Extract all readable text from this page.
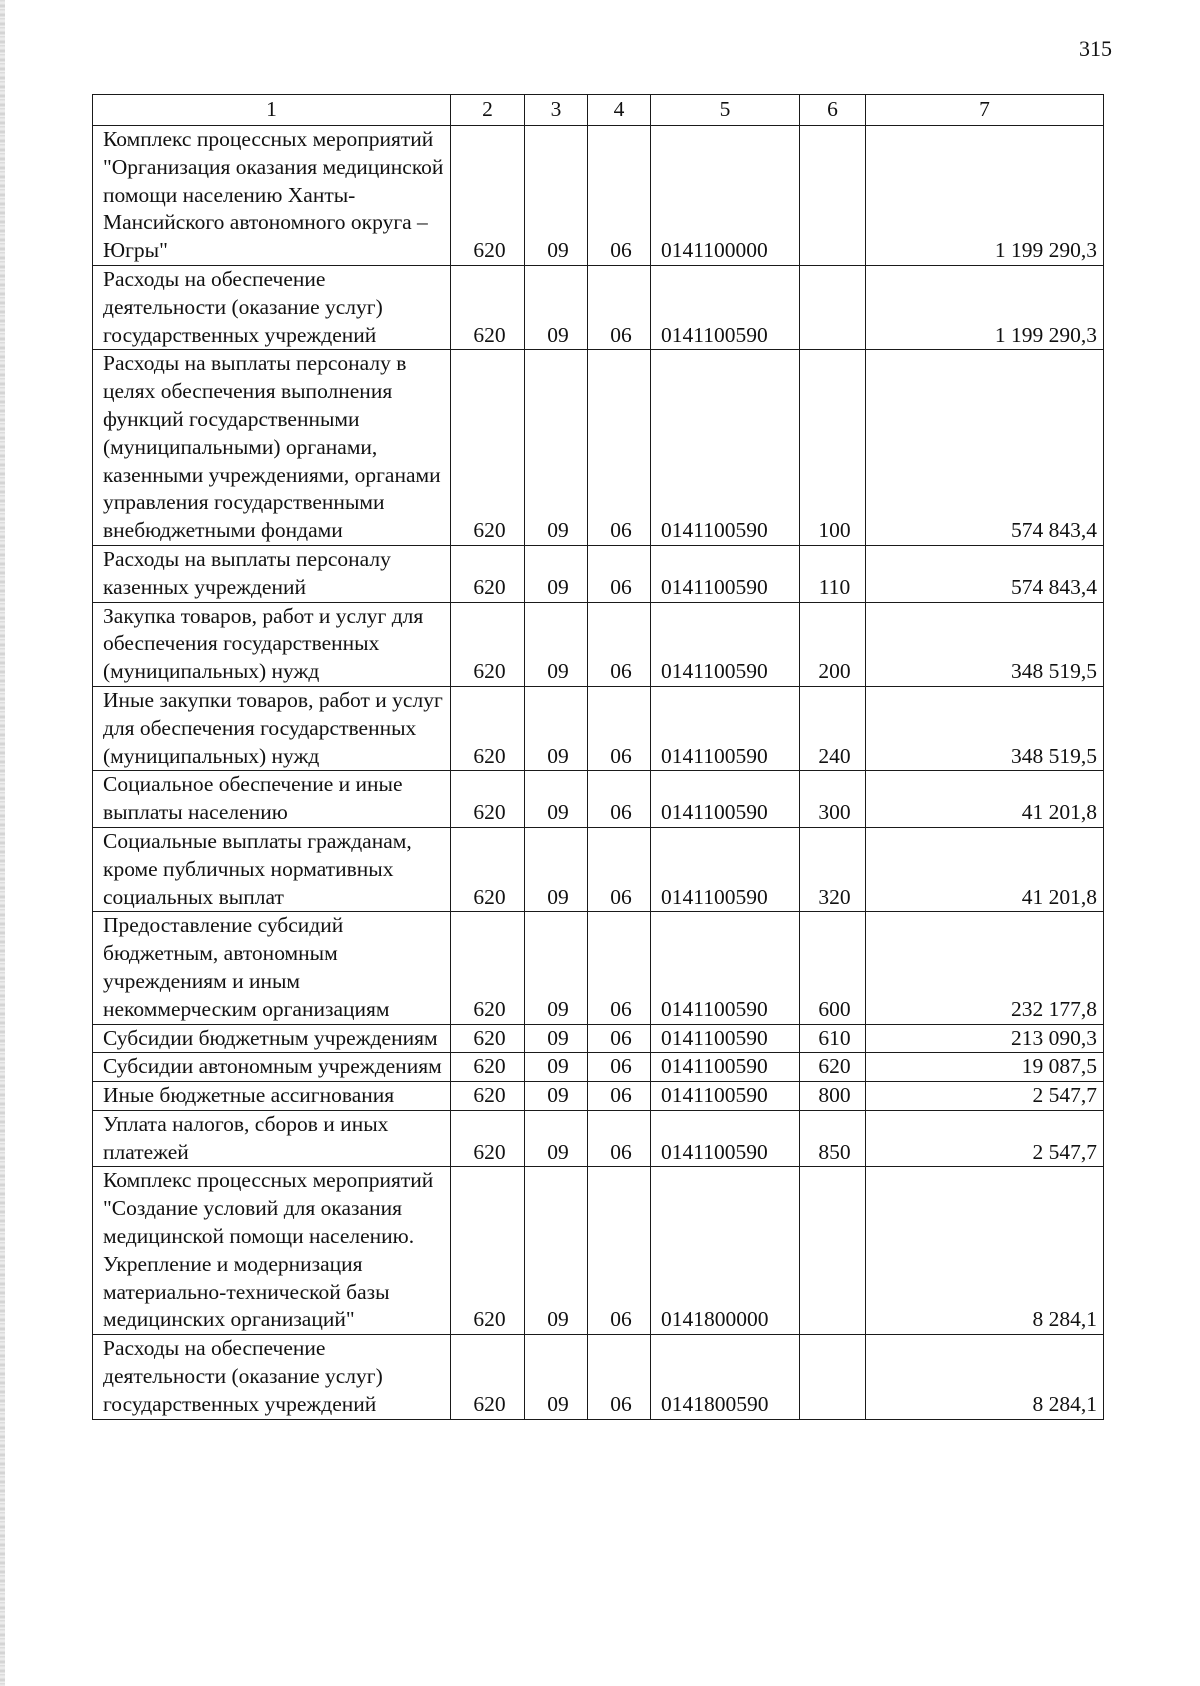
315
1	2	3	4	5	6	7
Комплекс процессных мероприятий "Организация оказания медицинской помощи населению Ханты-Мансийского автономного округа – Югры"	620	09	06	0141100000		1 199 290,3
Расходы на обеспечение деятельности (оказание услуг) государственных учреждений	620	09	06	0141100590		1 199 290,3
Расходы на выплаты персоналу в целях обеспечения выполнения функций государственными (муниципальными) органами, казенными учреждениями, органами управления государственными внебюджетными фондами	620	09	06	0141100590	100	574 843,4
Расходы на выплаты персоналу казенных учреждений	620	09	06	0141100590	110	574 843,4
Закупка товаров, работ и услуг для обеспечения государственных (муниципальных) нужд	620	09	06	0141100590	200	348 519,5
Иные закупки товаров, работ и услуг для обеспечения государственных (муниципальных) нужд	620	09	06	0141100590	240	348 519,5
Социальное обеспечение и иные выплаты населению	620	09	06	0141100590	300	41 201,8
Социальные выплаты гражданам, кроме публичных нормативных социальных выплат	620	09	06	0141100590	320	41 201,8
Предоставление субсидий бюджетным, автономным учреждениям и иным некоммерческим организациям	620	09	06	0141100590	600	232 177,8
Субсидии бюджетным учреждениям	620	09	06	0141100590	610	213 090,3
Субсидии автономным учреждениям	620	09	06	0141100590	620	19 087,5
Иные бюджетные ассигнования	620	09	06	0141100590	800	2 547,7
Уплата налогов, сборов и иных платежей	620	09	06	0141100590	850	2 547,7
Комплекс процессных мероприятий "Создание условий для оказания медицинской помощи населению. Укрепление и модернизация материально-технической базы медицинских организаций"	620	09	06	0141800000		8 284,1
Расходы на обеспечение деятельности (оказание услуг) государственных учреждений	620	09	06	0141800590		8 284,1
